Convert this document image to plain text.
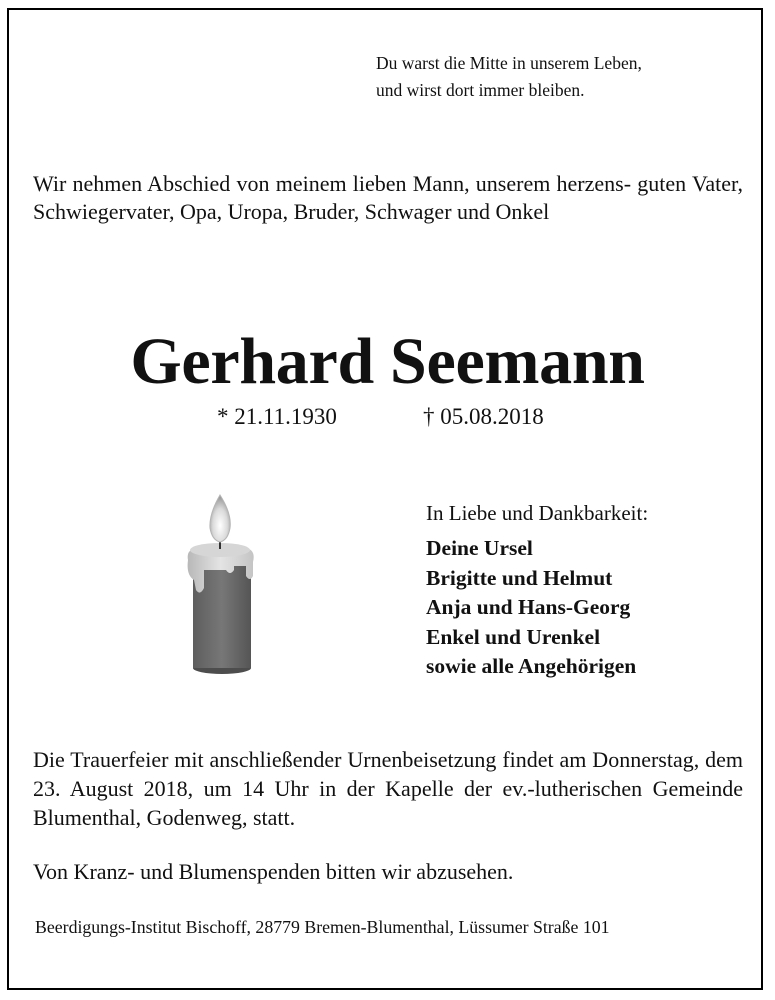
Du warst die Mitte in unserem Leben,
und wirst dort immer bleiben.
Wir nehmen Abschied von meinem lieben Mann, unserem herzens- guten Vater, Schwiegervater, Opa, Uropa, Bruder, Schwager und Onkel
Gerhard Seemann
* 21.11.1930	† 05.08.2018
In Liebe und Dankbarkeit:
Deine Ursel
Brigitte und Helmut
Anja und Hans-Georg
Enkel und Urenkel
sowie alle Angehörigen
Die Trauerfeier mit anschließender Urnenbeisetzung findet am Donnerstag, dem 23. August 2018, um 14 Uhr in der Kapelle der ev.-lutherischen Gemeinde Blumenthal, Godenweg, statt.
Von Kranz- und Blumenspenden bitten wir abzusehen.
Beerdigungs-Institut Bischoff, 28779 Bremen-Blumenthal, Lüssumer Straße 101
